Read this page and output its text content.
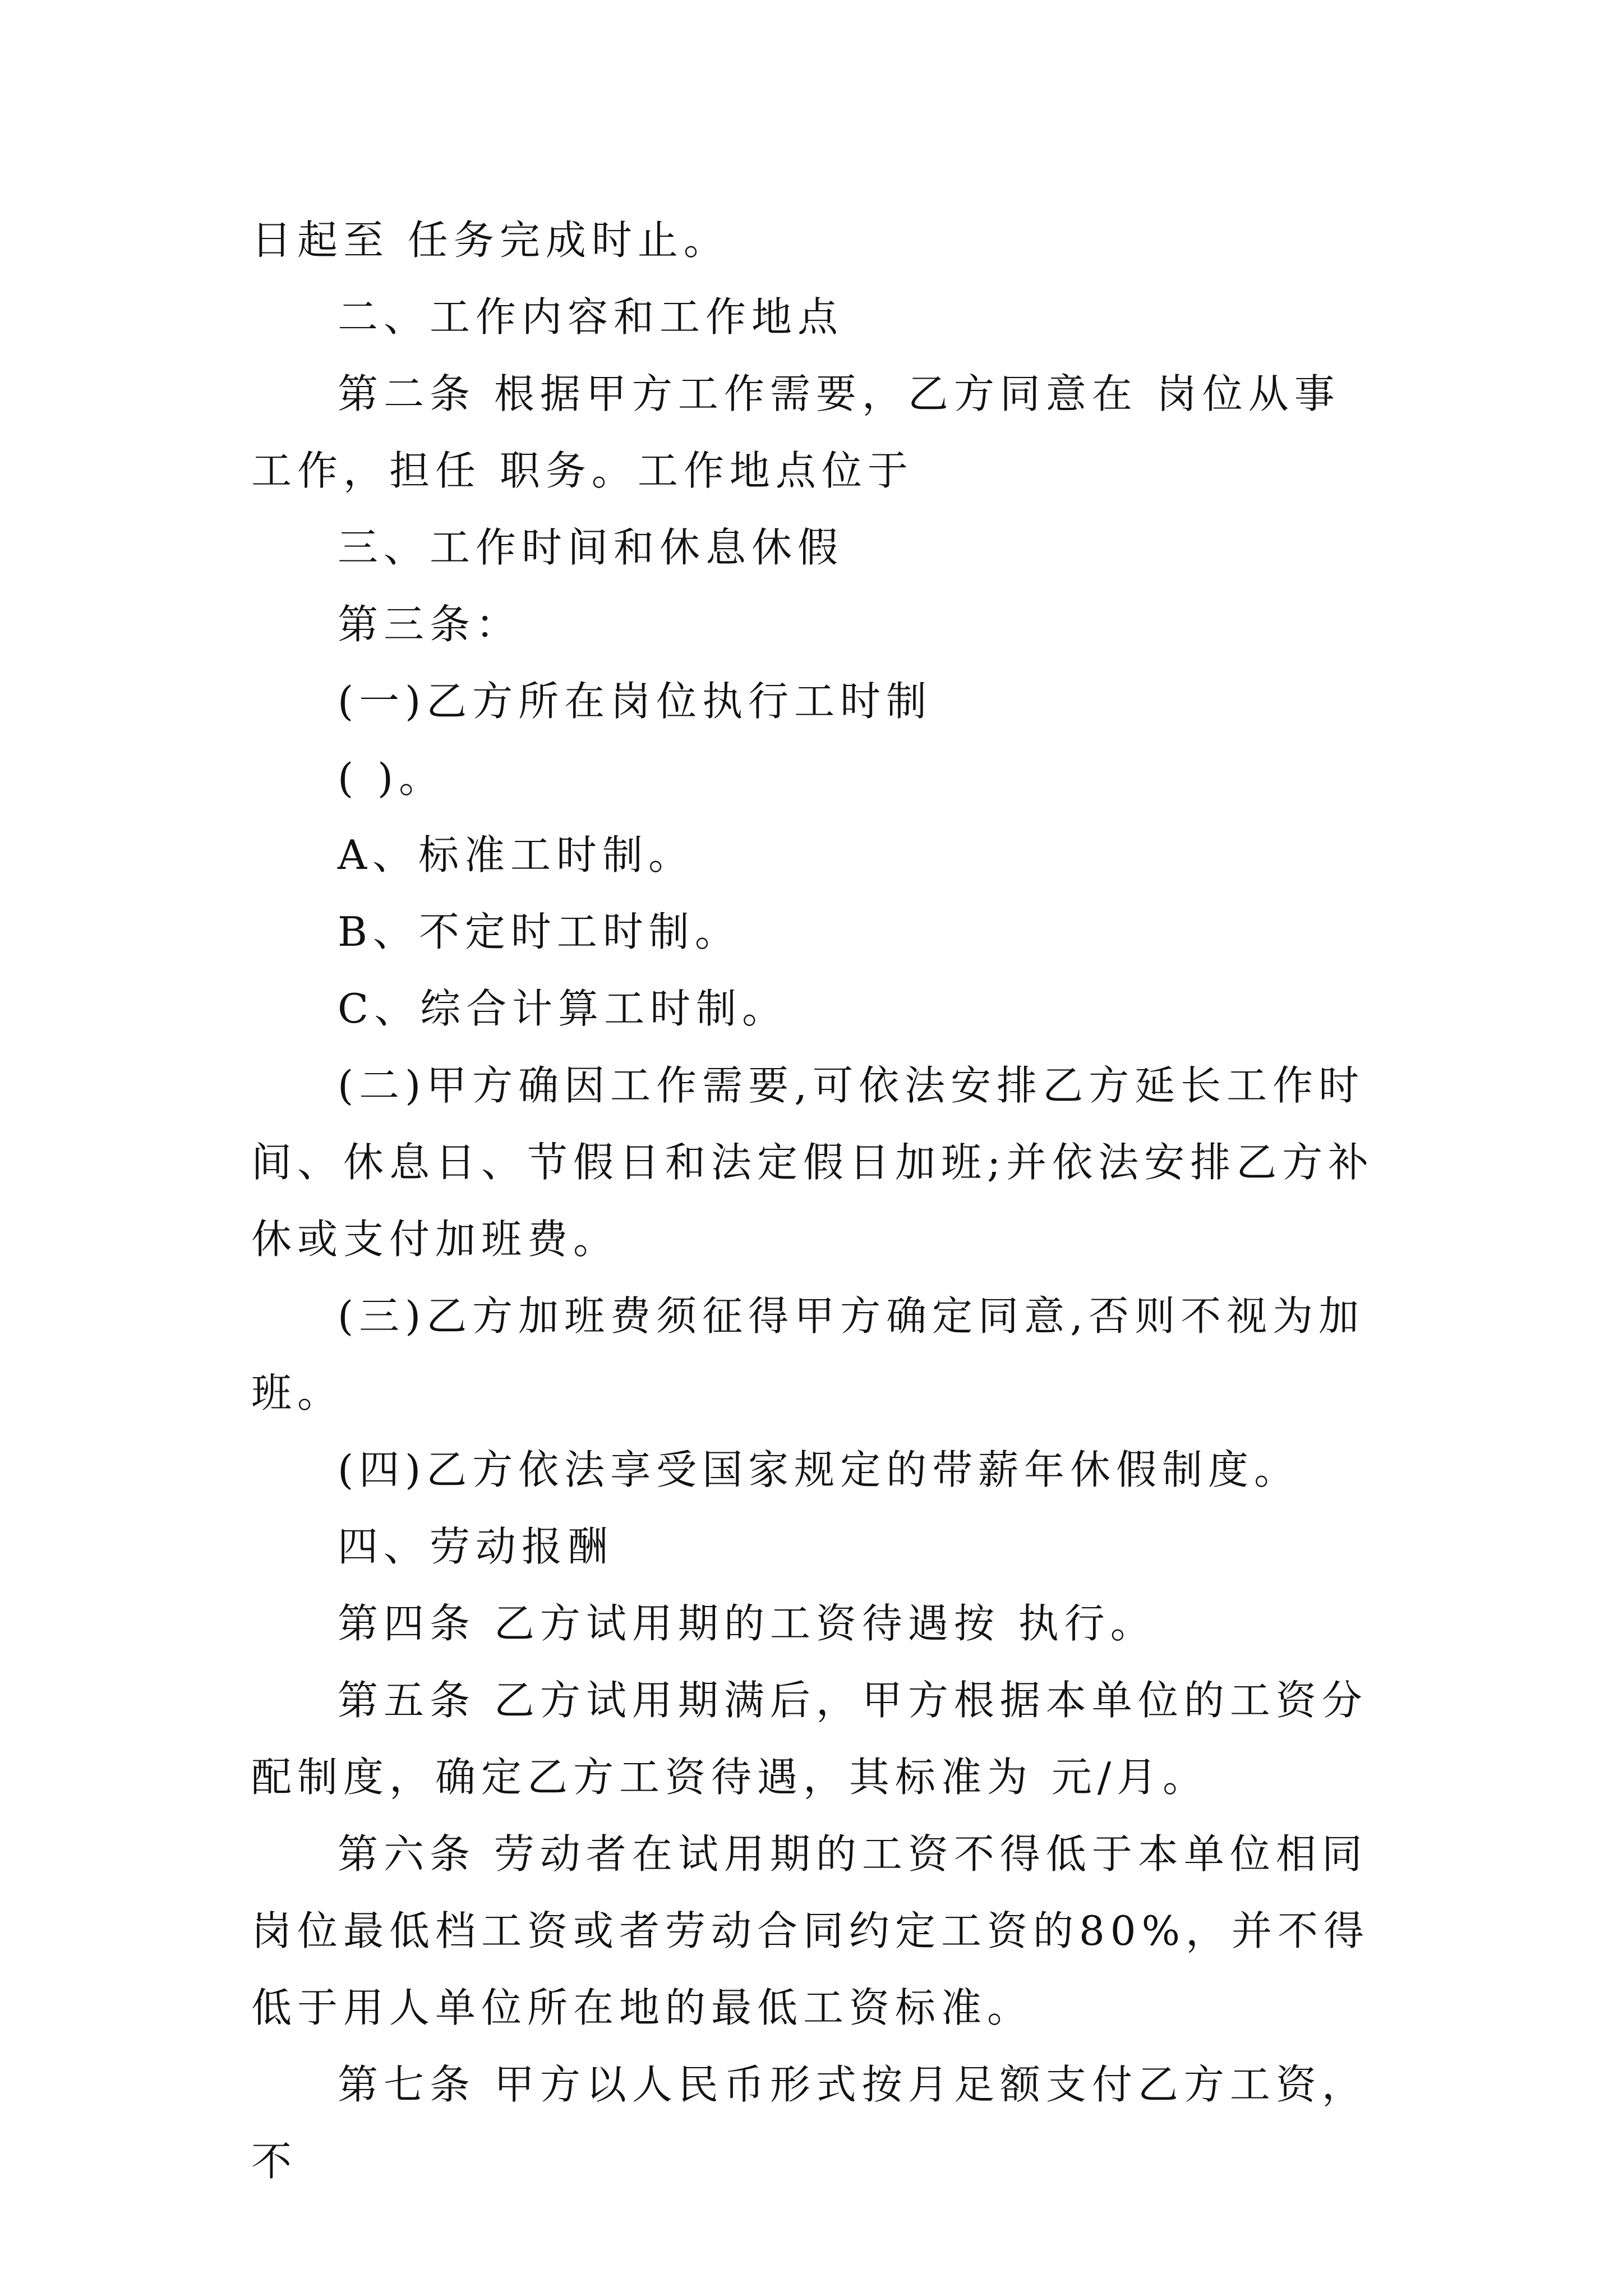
日起至 任务完成时止。

二、工作内容和工作地点

第二条 根据甲方工作需要，乙方同意在 岗位从事 工作，担任 职务。工作地点位于

三、工作时间和休息休假

第三条：

(一)乙方所在岗位执行工时制

( )。

A、标准工时制。

B、不定时工时制。

C、综合计算工时制。

(二)甲方确因工作需要,可依法安排乙方延长工作时间、休息日、节假日和法定假日加班;并依法安排乙方补休或支付加班费。

(三)乙方加班费须征得甲方确定同意,否则不视为加班。

(四)乙方依法享受国家规定的带薪年休假制度。

四、劳动报酬

第四条 乙方试用期的工资待遇按 执行。

第五条 乙方试用期满后，甲方根据本单位的工资分配制度，确定乙方工资待遇，其标准为 元/月。

第六条 劳动者在试用期的工资不得低于本单位相同岗位最低档工资或者劳动合同约定工资的80%，并不得低于用人单位所在地的最低工资标准。

第七条 甲方以人民币形式按月足额支付乙方工资，不
